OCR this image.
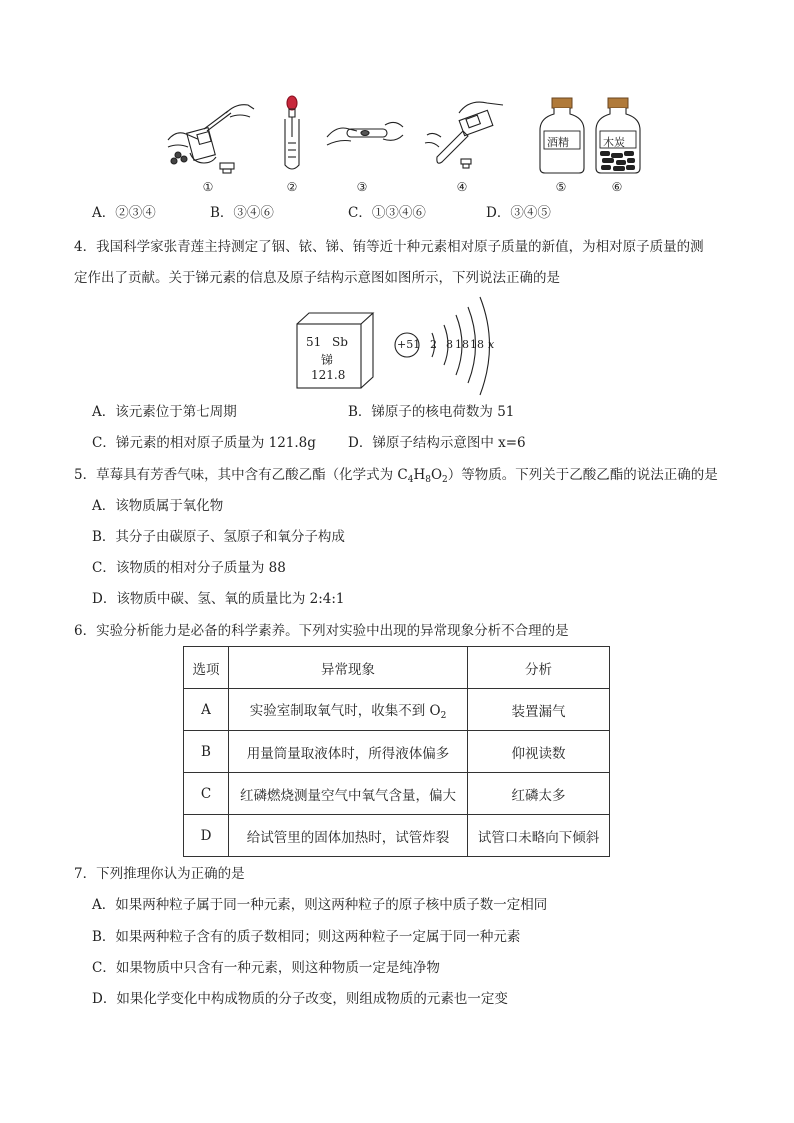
①	②	③	④
酒精
⑤
木炭
⑥
A．②③④	B．③④⑥	C．①③④⑥	D．③④⑤
4．我国科学家张青莲主持测定了铟、铱、锑、铕等近十种元素相对原子质量的新值，为相对原子质量的测
定作出了贡献。关于锑元素的信息及原子结构示意图如图所示，下列说法正确的是
51 Sb
锑
121.8
+51 2 8 18 18 x
A．该元素位于第七周期	B．锑原子的核电荷数为 51
C．锑元素的相对原子质量为 121.8g D．锑原子结构示意图中 x=6
5．草莓具有芳香气味，其中含有乙酸乙酯（化学式为 $C_4H_8O_2$）等物质。下列关于乙酸乙酯的说法正确的是
A．该物质属于氧化物
B．其分子由碳原子、氢原子和氧分子构成
C．该物质的相对分子质量为 88
D．该物质中碳、氢、氧的质量比为 2:4:1
6．实验分析能力是必备的科学素养。下列对实验中出现的异常现象分析不合理的是
选项	异常现象	分析
A	实验室制取氧气时，收集不到 $O_2$	装置漏气
B	用量筒量取液体时，所得液体偏多	仰视读数
C	红磷燃烧测量空气中氧气含量，偏大	红磷太多
D	给试管里的固体加热时，试管炸裂	试管口未略向下倾斜
7．下列推理你认为正确的是
A．如果两种粒子属于同一种元素，则这两种粒子的原子核中质子数一定相同
B．如果两种粒子含有的质子数相同；则这两种粒子一定属于同一种元素
C．如果物质中只含有一种元素，则这种物质一定是纯净物
D．如果化学变化中构成物质的分子改变，则组成物质的元素也一定变
